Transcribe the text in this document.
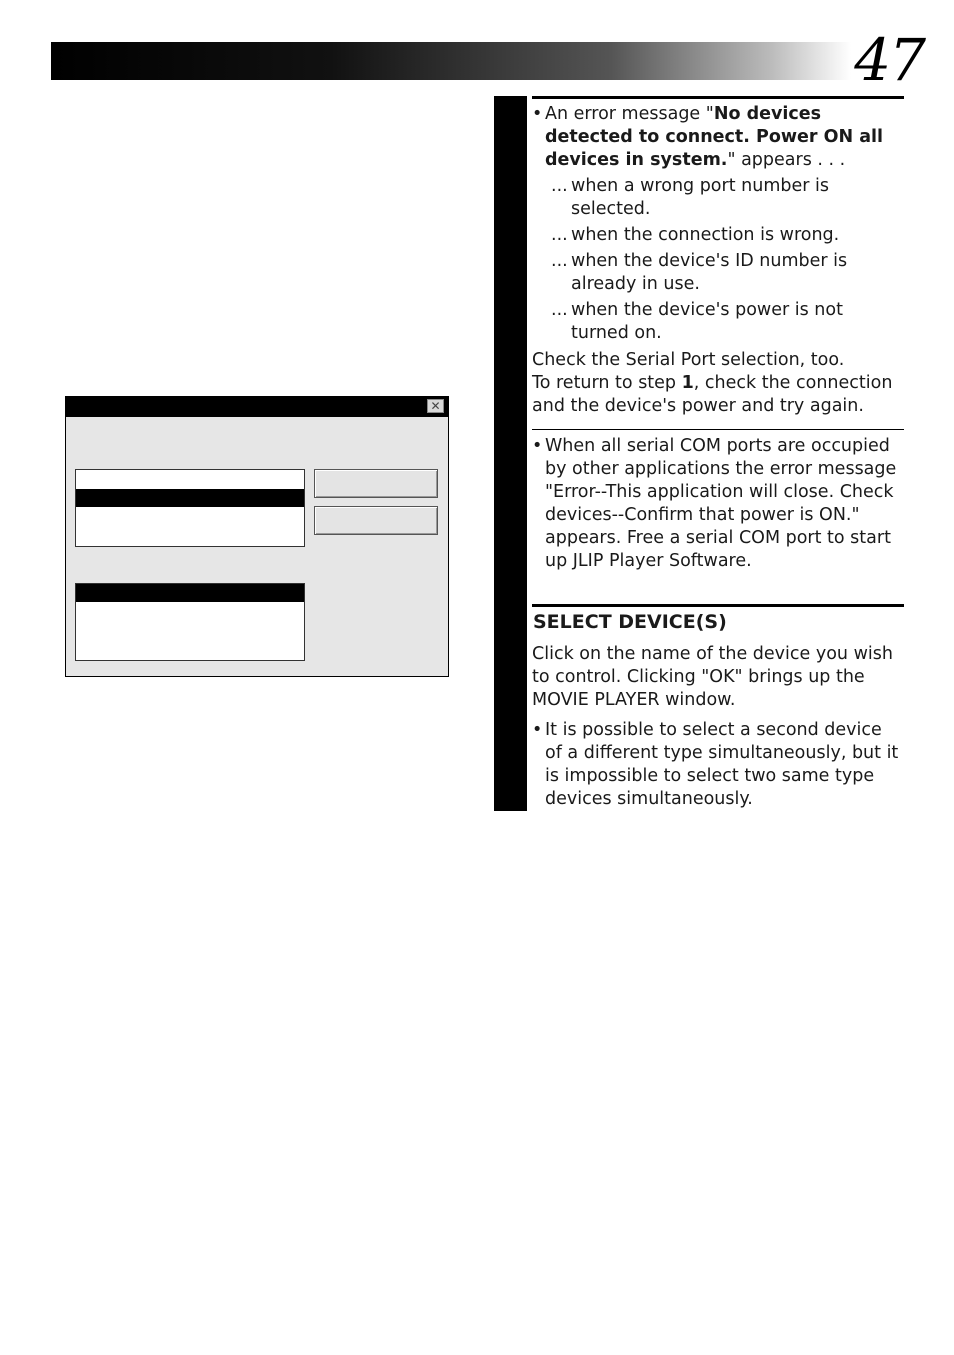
47
✕

• An error message "No devices detected to connect. Power ON all devices in system." appears . . .

... when a wrong port number is selected.

... when the connection is wrong.

... when the device's ID number is already in use.

... when the device's power is not turned on.

Check the Serial Port selection, too.

To return to step 1, check the connection and the device's power and try again.

• When all serial COM ports are occupied by other applications the error message "Error--This application will close. Check devices--Confirm that power is ON." appears. Free a serial COM port to start up JLIP Player Software.

4 SELECT DEVICE(S)

Click on the name of the device you wish to control. Clicking "OK" brings up the MOVIE PLAYER window.

• It is possible to select a second device of a different type simultaneously, but it is impossible to select two same type devices simultaneously.
